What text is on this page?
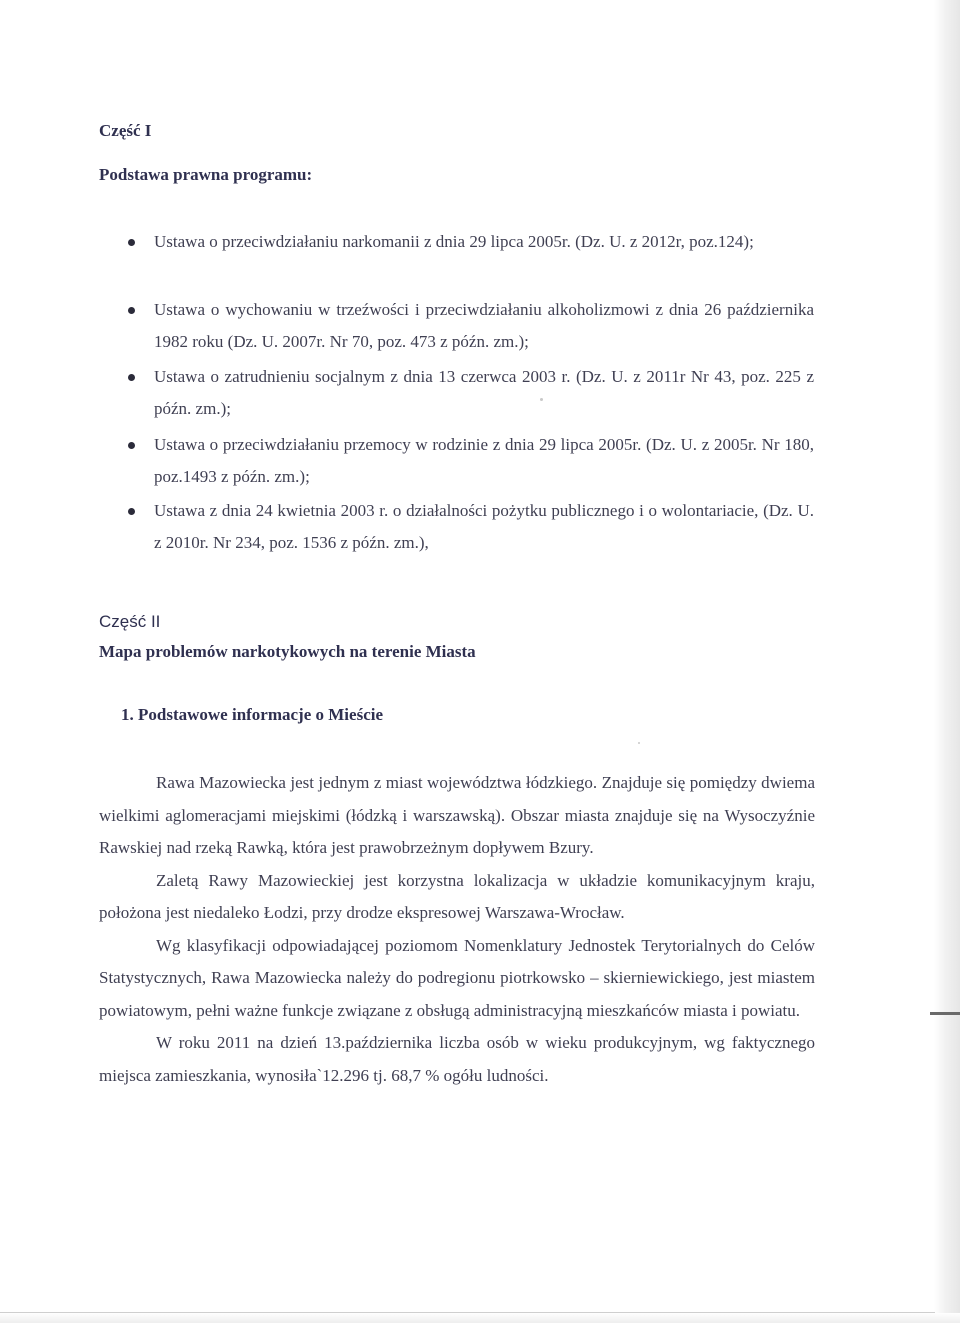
Część I
Podstawa prawna programu:
Ustawa o przeciwdziałaniu narkomanii z dnia 29 lipca 2005r. (Dz. U. z 2012r, poz.124);
Ustawa o wychowaniu w trzeźwości i przeciwdziałaniu alkoholizmowi z dnia 26 października 1982 roku (Dz. U. 2007r. Nr 70, poz. 473 z późn. zm.);
Ustawa o zatrudnieniu socjalnym z dnia 13 czerwca 2003 r. (Dz. U. z 2011r Nr 43, poz. 225 z późn. zm.);
Ustawa o przeciwdziałaniu przemocy w rodzinie z dnia 29 lipca 2005r. (Dz. U. z 2005r. Nr 180, poz.1493 z późn. zm.);
Ustawa z dnia 24 kwietnia 2003 r. o działalności pożytku publicznego i o wolontariacie, (Dz. U. z 2010r. Nr 234, poz. 1536 z późn. zm.),
Część II
Mapa problemów narkotykowych na terenie Miasta
1. Podstawowe informacje o Mieście

Rawa Mazowiecka jest jednym z miast województwa łódzkiego. Znajduje się pomiędzy dwiema wielkimi aglomeracjami miejskimi (łódzką i warszawską). Obszar miasta znajduje się na Wysoczyźnie Rawskiej nad rzeką Rawką, która jest prawobrzeżnym dopływem Bzury.

Zaletą Rawy Mazowieckiej jest korzystna lokalizacja w układzie komunikacyjnym kraju, położona jest niedaleko Łodzi, przy drodze ekspresowej Warszawa-Wrocław.

Wg klasyfikacji odpowiadającej poziomom Nomenklatury Jednostek Terytorialnych do Celów Statystycznych, Rawa Mazowiecka należy do podregionu piotrkowsko – skierniewickiego, jest miastem powiatowym, pełni ważne funkcje związane z obsługą administracyjną mieszkańców miasta i powiatu.

W roku 2011 na dzień 13.października liczba osób w wieku produkcyjnym, wg faktycznego miejsca zamieszkania, wynosiła`12.296 tj. 68,7 % ogółu ludności.
